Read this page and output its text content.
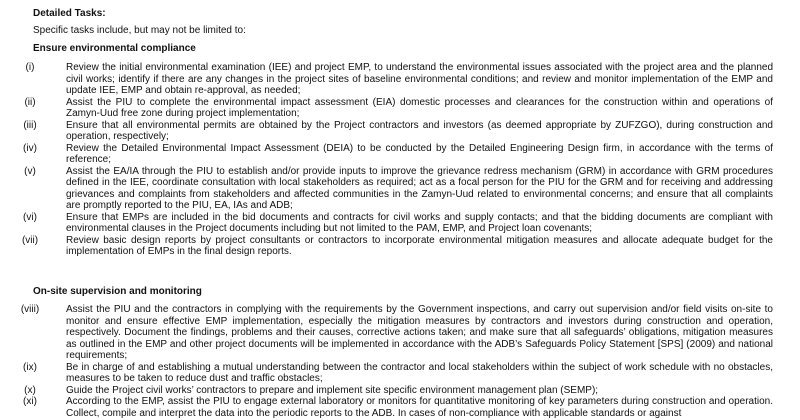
Detailed Tasks:
Specific tasks include, but may not be limited to:
Ensure environmental compliance
(i)	Review the initial environmental examination (IEE) and project EMP, to understand the environmental issues associated with the project area and the planned civil works; identify if there are any changes in the project sites of baseline environmental conditions; and review and monitor implementation of the EMP and update IEE, EMP and obtain re-approval, as needed;
(ii)	Assist the PIU to complete the environmental impact assessment (EIA) domestic processes and clearances for the construction within and operations of Zamyn-Uud free zone during project implementation;
(iii)	Ensure that all environmental permits are obtained by the Project contractors and investors (as deemed appropriate by ZUFZGO), during construction and operation, respectively;
(iv)	Review the Detailed Environmental Impact Assessment (DEIA) to be conducted by the Detailed Engineering Design firm, in accordance with the terms of reference;
(v)	Assist the EA/IA through the PIU to establish and/or provide inputs to improve the grievance redress mechanism (GRM) in accordance with GRM procedures defined in the IEE, coordinate consultation with local stakeholders as required; act as a focal person for the PIU for the GRM and for receiving and addressing grievances and complaints from stakeholders and affected communities in the Zamyn-Uud related to environmental concerns; and ensure that all complaints are promptly reported to the PIU, EA, IAs and ADB;
(vi)	Ensure that EMPs are included in the bid documents and contracts for civil works and supply contacts; and that the bidding documents are compliant with environmental clauses in the Project documents including but not limited to the PAM, EMP, and Project loan covenants;
(vii)	Review basic design reports by project consultants or contractors to incorporate environmental mitigation measures and allocate adequate budget for the implementation of EMPs in the final design reports.
On-site supervision and monitoring
(viii)	Assist the PIU and the contractors in complying with the requirements by the Government inspections, and carry out supervision and/or field visits on-site to monitor and ensure effective EMP implementation, especially the mitigation measures by contractors and investors during construction and operation, respectively. Document the findings, problems and their causes, corrective actions taken; and make sure that all safeguards’ obligations, mitigation measures as outlined in the EMP and other project documents will be implemented in accordance with the ADB’s Safeguards Policy Statement [SPS] (2009) and national requirements;
(ix)	Be in charge of and establishing a mutual understanding between the contractor and local stakeholders within the subject of work schedule with no obstacles, measures to be taken to reduce dust and traffic obstacles;
(x)	Guide the Project civil works’ contractors to prepare and implement site specific environment management plan (SEMP);
(xi)	According to the EMP, assist the PIU to engage external laboratory or monitors for quantitative monitoring of key parameters during construction and operation. Collect, compile and interpret the data into the periodic reports to the ADB. In cases of non-compliance with applicable standards or against
